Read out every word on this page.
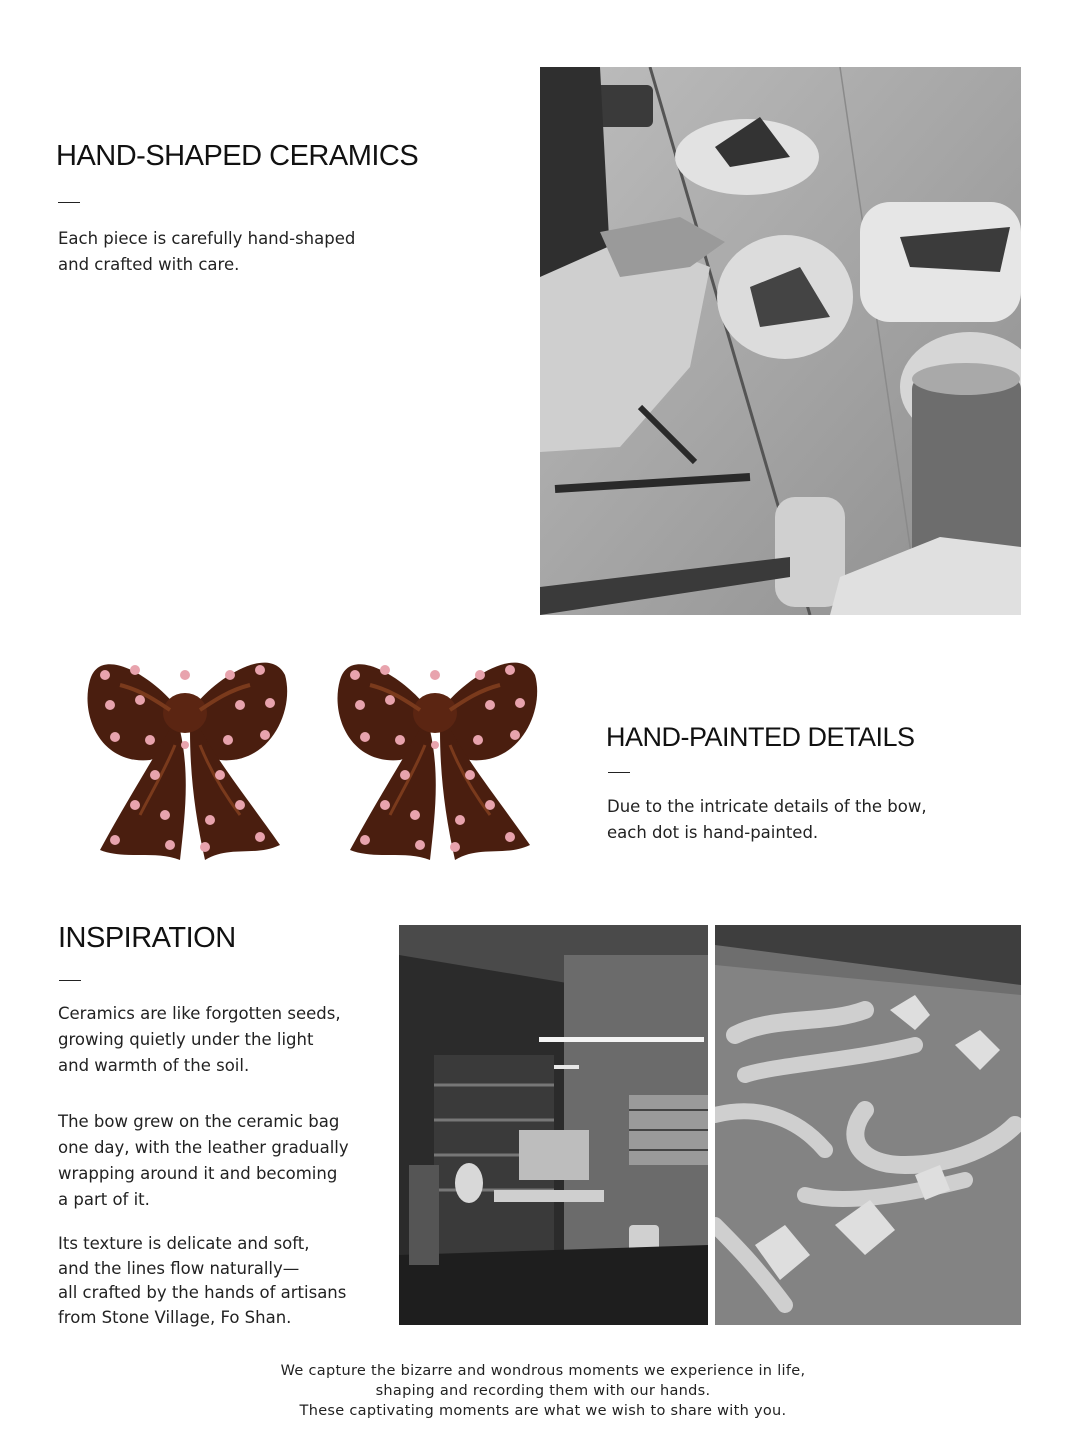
HAND-SHAPED CERAMICS

Each piece is carefully hand-shaped
and crafted with care.

HAND-PAINTED DETAILS

Due to the intricate details of the bow,
each dot is hand-painted.

INSPIRATION

Ceramics are like forgotten seeds,
growing quietly under the light
and warmth of the soil.

The bow grew on the ceramic bag
one day, with the leather gradually
wrapping around it and becoming
a part of it.

Its texture is delicate and soft,
and the lines flow naturally—
all crafted by the hands of artisans
from Stone Village, Fo Shan.

We capture the bizarre and wondrous moments we experience in life,
shaping and recording them with our hands.
These captivating moments are what we wish to share with you.
